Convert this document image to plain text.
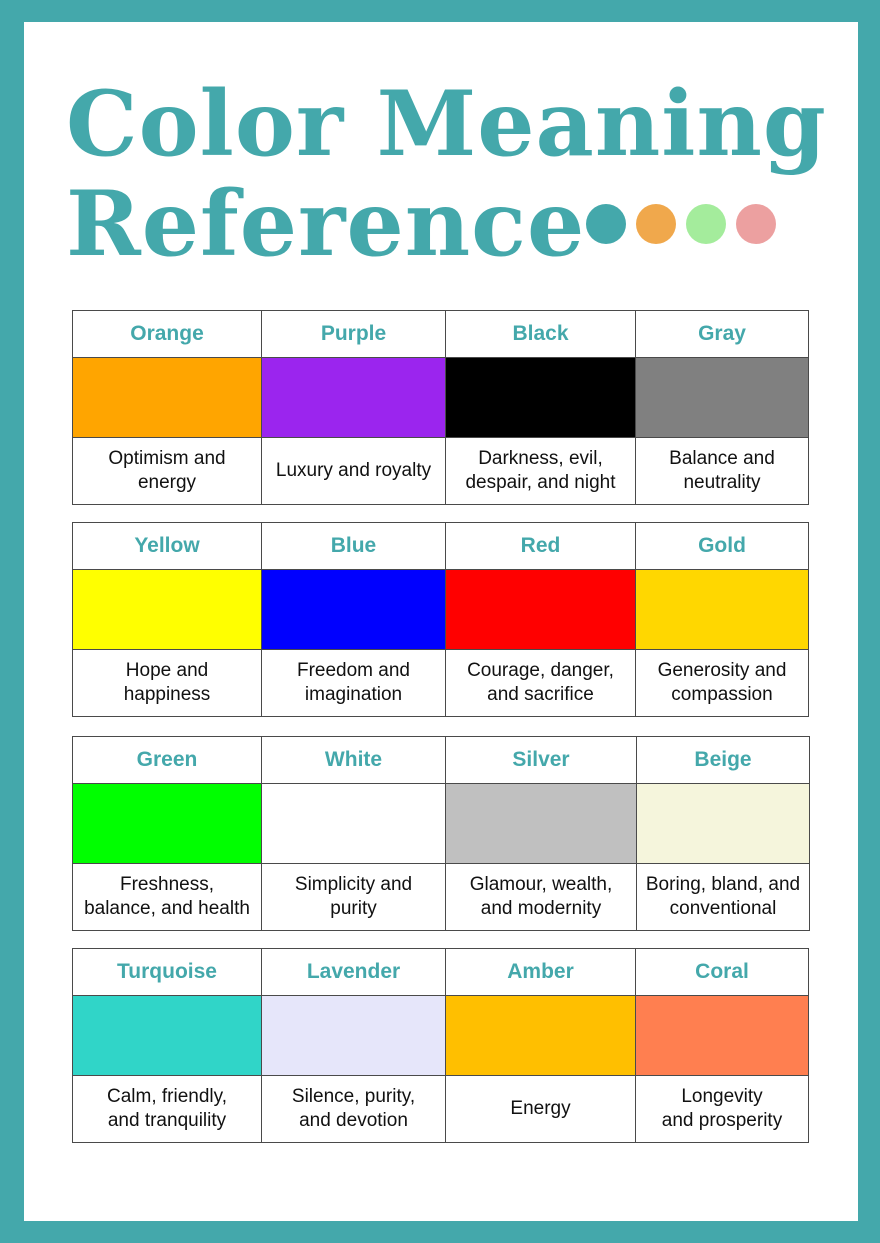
Color Meaning
Reference
Orange	Purple	Black	Gray

Optimism and
energy	Luxury and royalty	Darkness, evil,
despair, and night	Balance and
neutrality
Yellow	Blue	Red	Gold

Hope and
happiness	Freedom and
imagination	Courage, danger,
and sacrifice	Generosity and
compassion
Green	White	Silver	Beige

Freshness,
balance, and health	Simplicity and
purity	Glamour, wealth,
and modernity	Boring, bland, and
conventional
Turquoise	Lavender	Amber	Coral

Calm, friendly,
and tranquility	Silence, purity,
and devotion	Energy	Longevity
and prosperity
